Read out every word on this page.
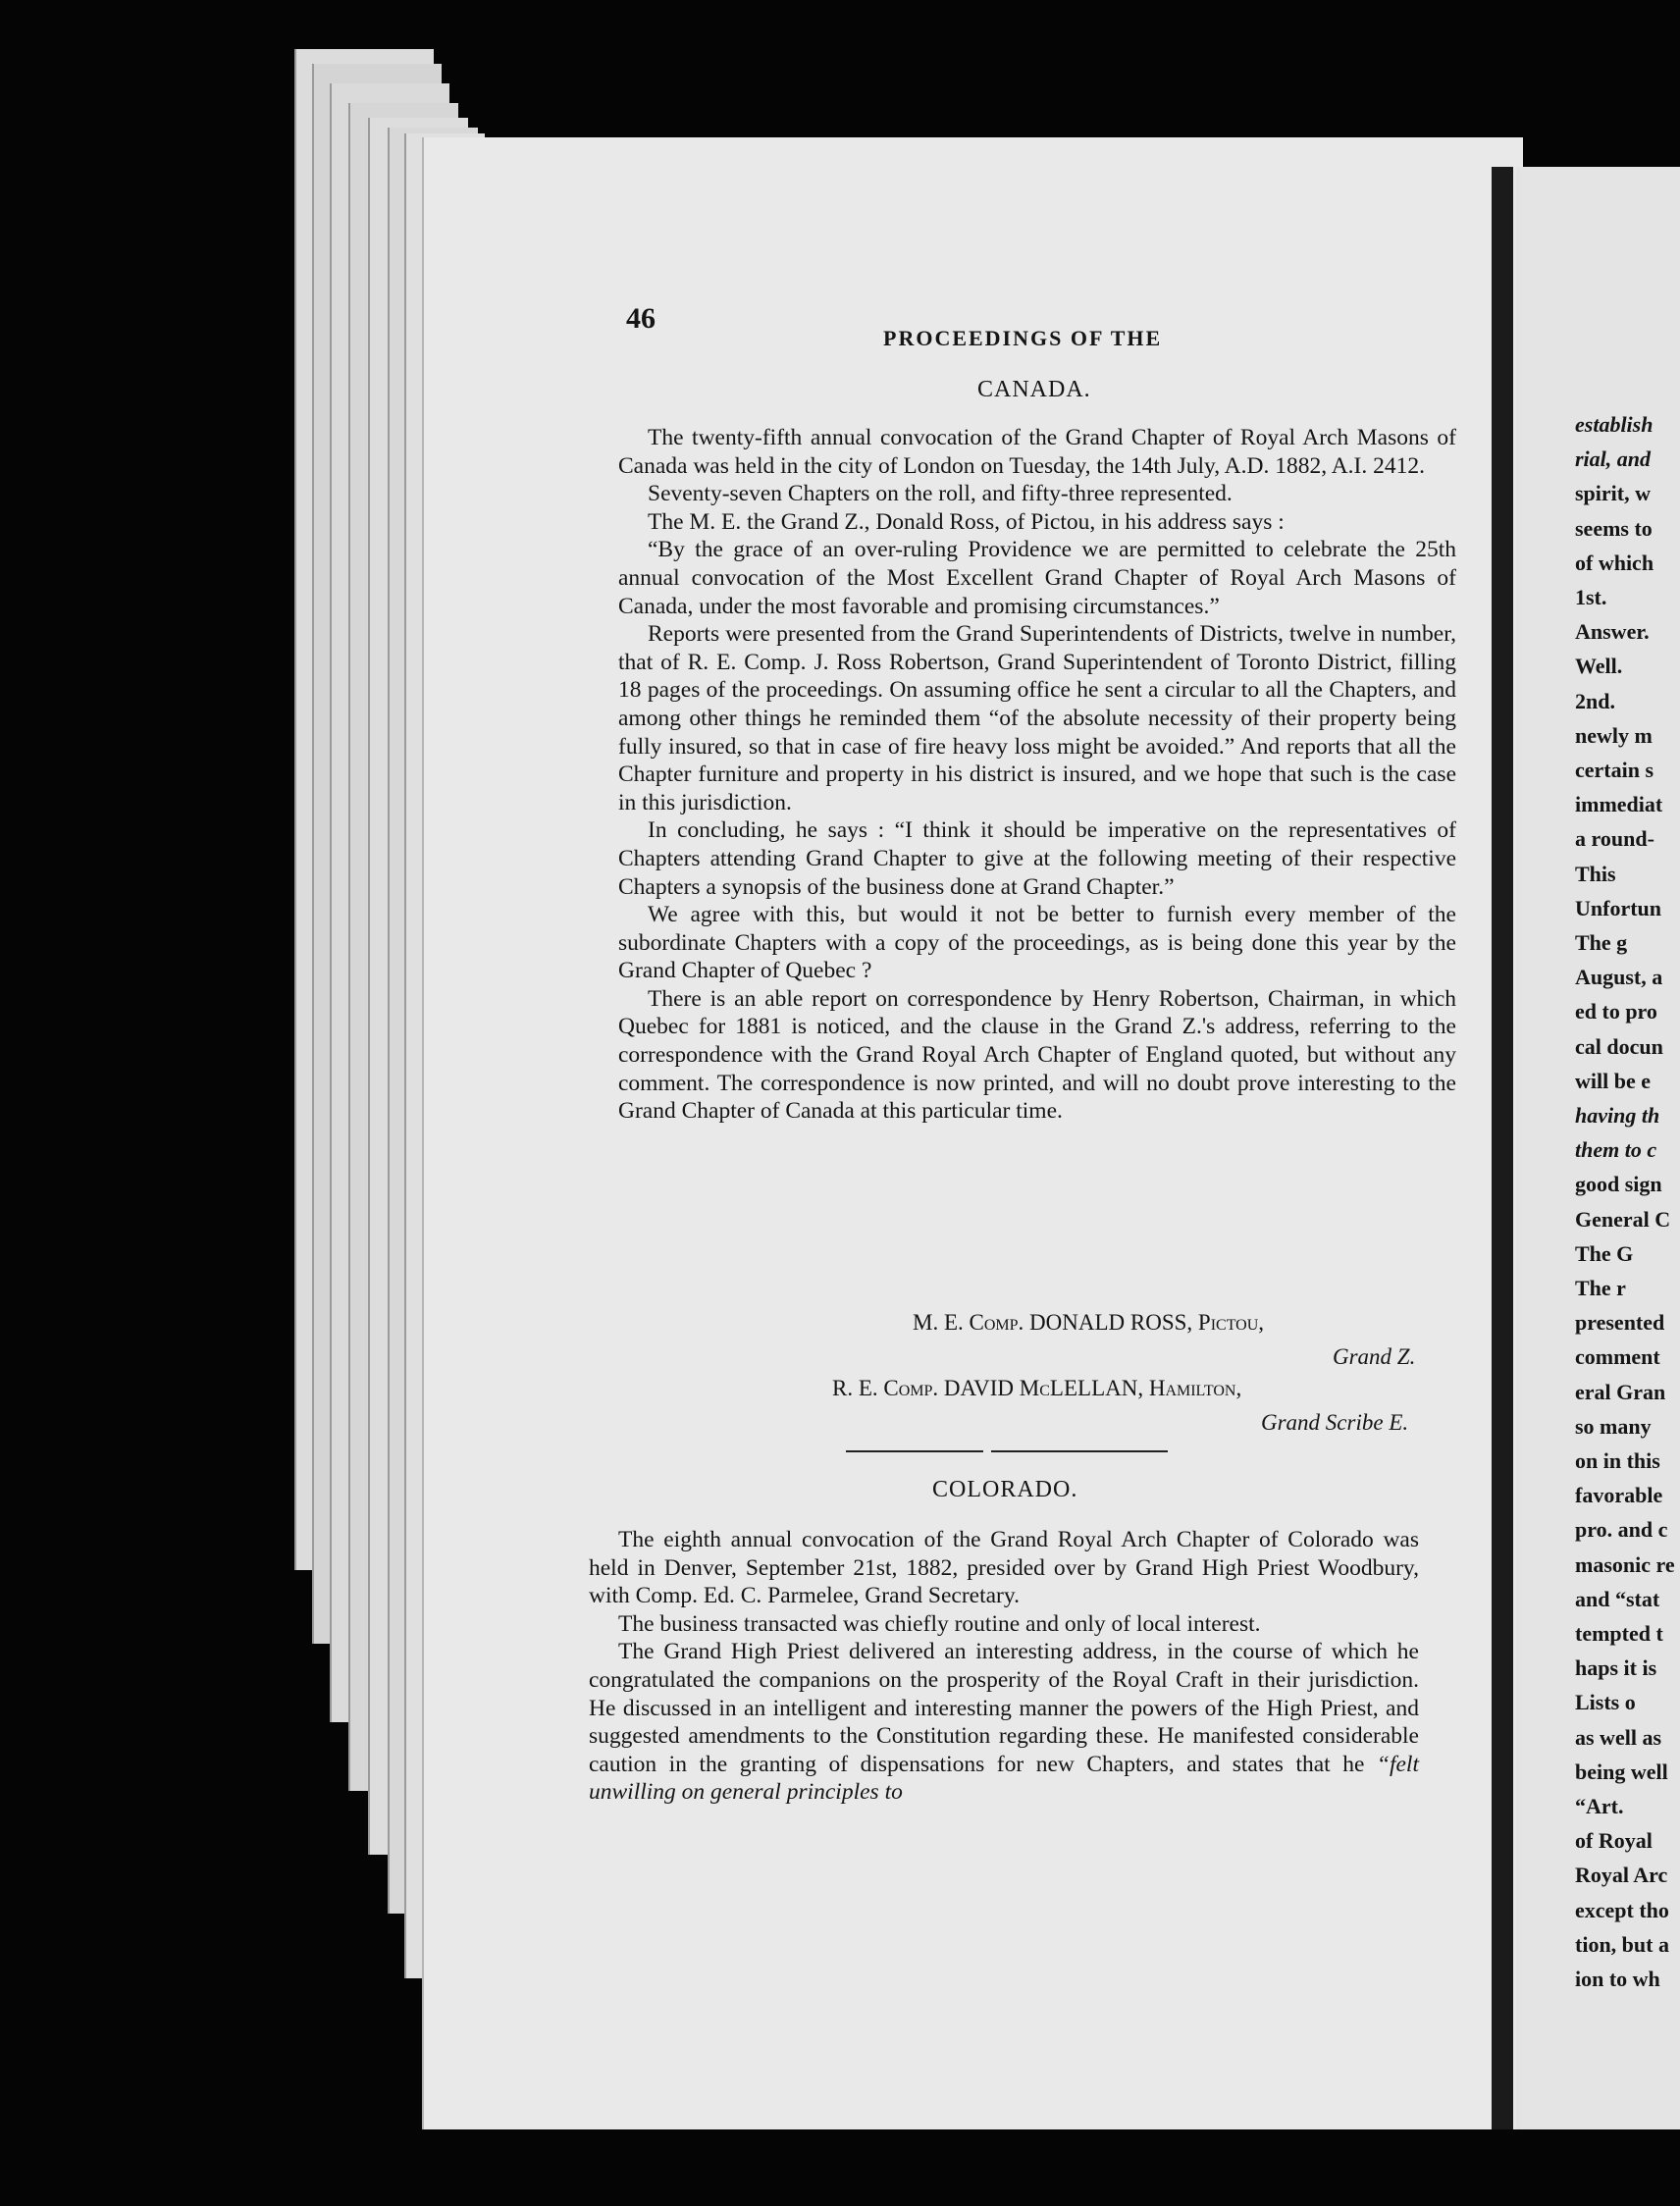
46
PROCEEDINGS OF THE
CANADA.

The twenty-fifth annual convocation of the Grand Chapter of Royal Arch Masons of Canada was held in the city of London on Tuesday, the 14th July, A.D. 1882, A.I. 2412.

Seventy-seven Chapters on the roll, and fifty-three represented.

The M. E. the Grand Z., Donald Ross, of Pictou, in his address says :

“By the grace of an over-ruling Providence we are permitted to celebrate the 25th annual convocation of the Most Excellent Grand Chapter of Royal Arch Masons of Canada, under the most favorable and promising circumstances.”

Reports were presented from the Grand Superintendents of Districts, twelve in number, that of R. E. Comp. J. Ross Robertson, Grand Superintendent of Toronto District, filling 18 pages of the proceedings. On assuming office he sent a circular to all the Chapters, and among other things he reminded them “of the absolute necessity of their property being fully insured, so that in case of fire heavy loss might be avoided.” And reports that all the Chapter furniture and property in his district is insured, and we hope that such is the case in this jurisdiction.

In concluding, he says : “I think it should be imperative on the representatives of Chapters attending Grand Chapter to give at the following meeting of their respective Chapters a synopsis of the business done at Grand Chapter.”

We agree with this, but would it not be better to furnish every member of the subordinate Chapters with a copy of the proceedings, as is being done this year by the Grand Chapter of Quebec ?

There is an able report on correspondence by Henry Robertson, Chairman, in which Quebec for 1881 is noticed, and the clause in the Grand Z.'s address, referring to the correspondence with the Grand Royal Arch Chapter of England quoted, but without any comment. The correspondence is now printed, and will no doubt prove interesting to the Grand Chapter of Canada at this particular time.

M. E. Comp. DONALD ROSS, Pictou,
Grand Z.
R. E. Comp. DAVID McLELLAN, Hamilton,
Grand Scribe E.
COLORADO.

The eighth annual convocation of the Grand Royal Arch Chapter of Colorado was held in Denver, September 21st, 1882, presided over by Grand High Priest Woodbury, with Comp. Ed. C. Parmelee, Grand Secretary.

The business transacted was chiefly routine and only of local interest.

The Grand High Priest delivered an interesting address, in the course of which he congratulated the companions on the prosperity of the Royal Craft in their jurisdiction. He discussed in an intelligent and interesting manner the powers of the High Priest, and suggested amendments to the Constitution regarding these. He manifested considerable caution in the granting of dispensations for new Chapters, and states that he “felt unwilling on general principles to

establish
rial, and
spirit, w
seems to
of which
1st.
Answer.
Well.
2nd.
newly m
certain s
immediat
a round-
This
Unfortun
The g
August, a
ed to pro
cal docun
will be e
having th
them to c
good sign
General C
The G
The r
presented
comment
eral Gran
so many
on in this
favorable
pro. and c
masonic re
and “stat
tempted t
haps it is
Lists o
as well as
being well
“Art.
of Royal
Royal Arc
except tho
tion, but a
ion to wh
